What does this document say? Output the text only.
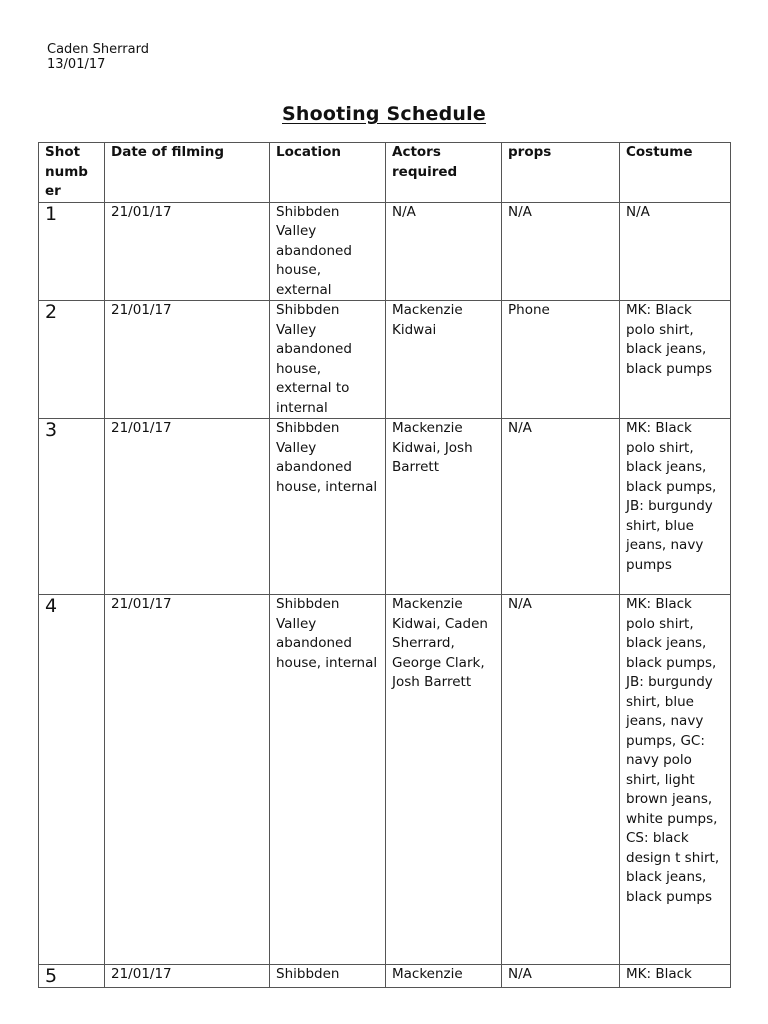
Caden Sherrard
13/01/17
Shooting Schedule
Shot numb er	Date of filming	Location	Actors required	props	Costume
1	21/01/17	Shibbden Valley abandoned house, external	N/A	N/A	N/A
2	21/01/17	Shibbden Valley abandoned house, external to internal	Mackenzie Kidwai	Phone	MK: Black polo shirt, black jeans, black pumps
3	21/01/17	Shibbden Valley abandoned house, internal	Mackenzie Kidwai, Josh Barrett	N/A	MK: Black polo shirt, black jeans, black pumps, JB: burgundy shirt, blue jeans, navy pumps
4	21/01/17	Shibbden Valley abandoned house, internal	Mackenzie Kidwai, Caden Sherrard, George Clark, Josh Barrett	N/A	MK: Black polo shirt, black jeans, black pumps, JB: burgundy shirt, blue jeans, navy pumps, GC: navy polo shirt, light brown jeans, white pumps, CS: black design t shirt, black jeans, black pumps
5	21/01/17	Shibbden	Mackenzie	N/A	MK: Black
